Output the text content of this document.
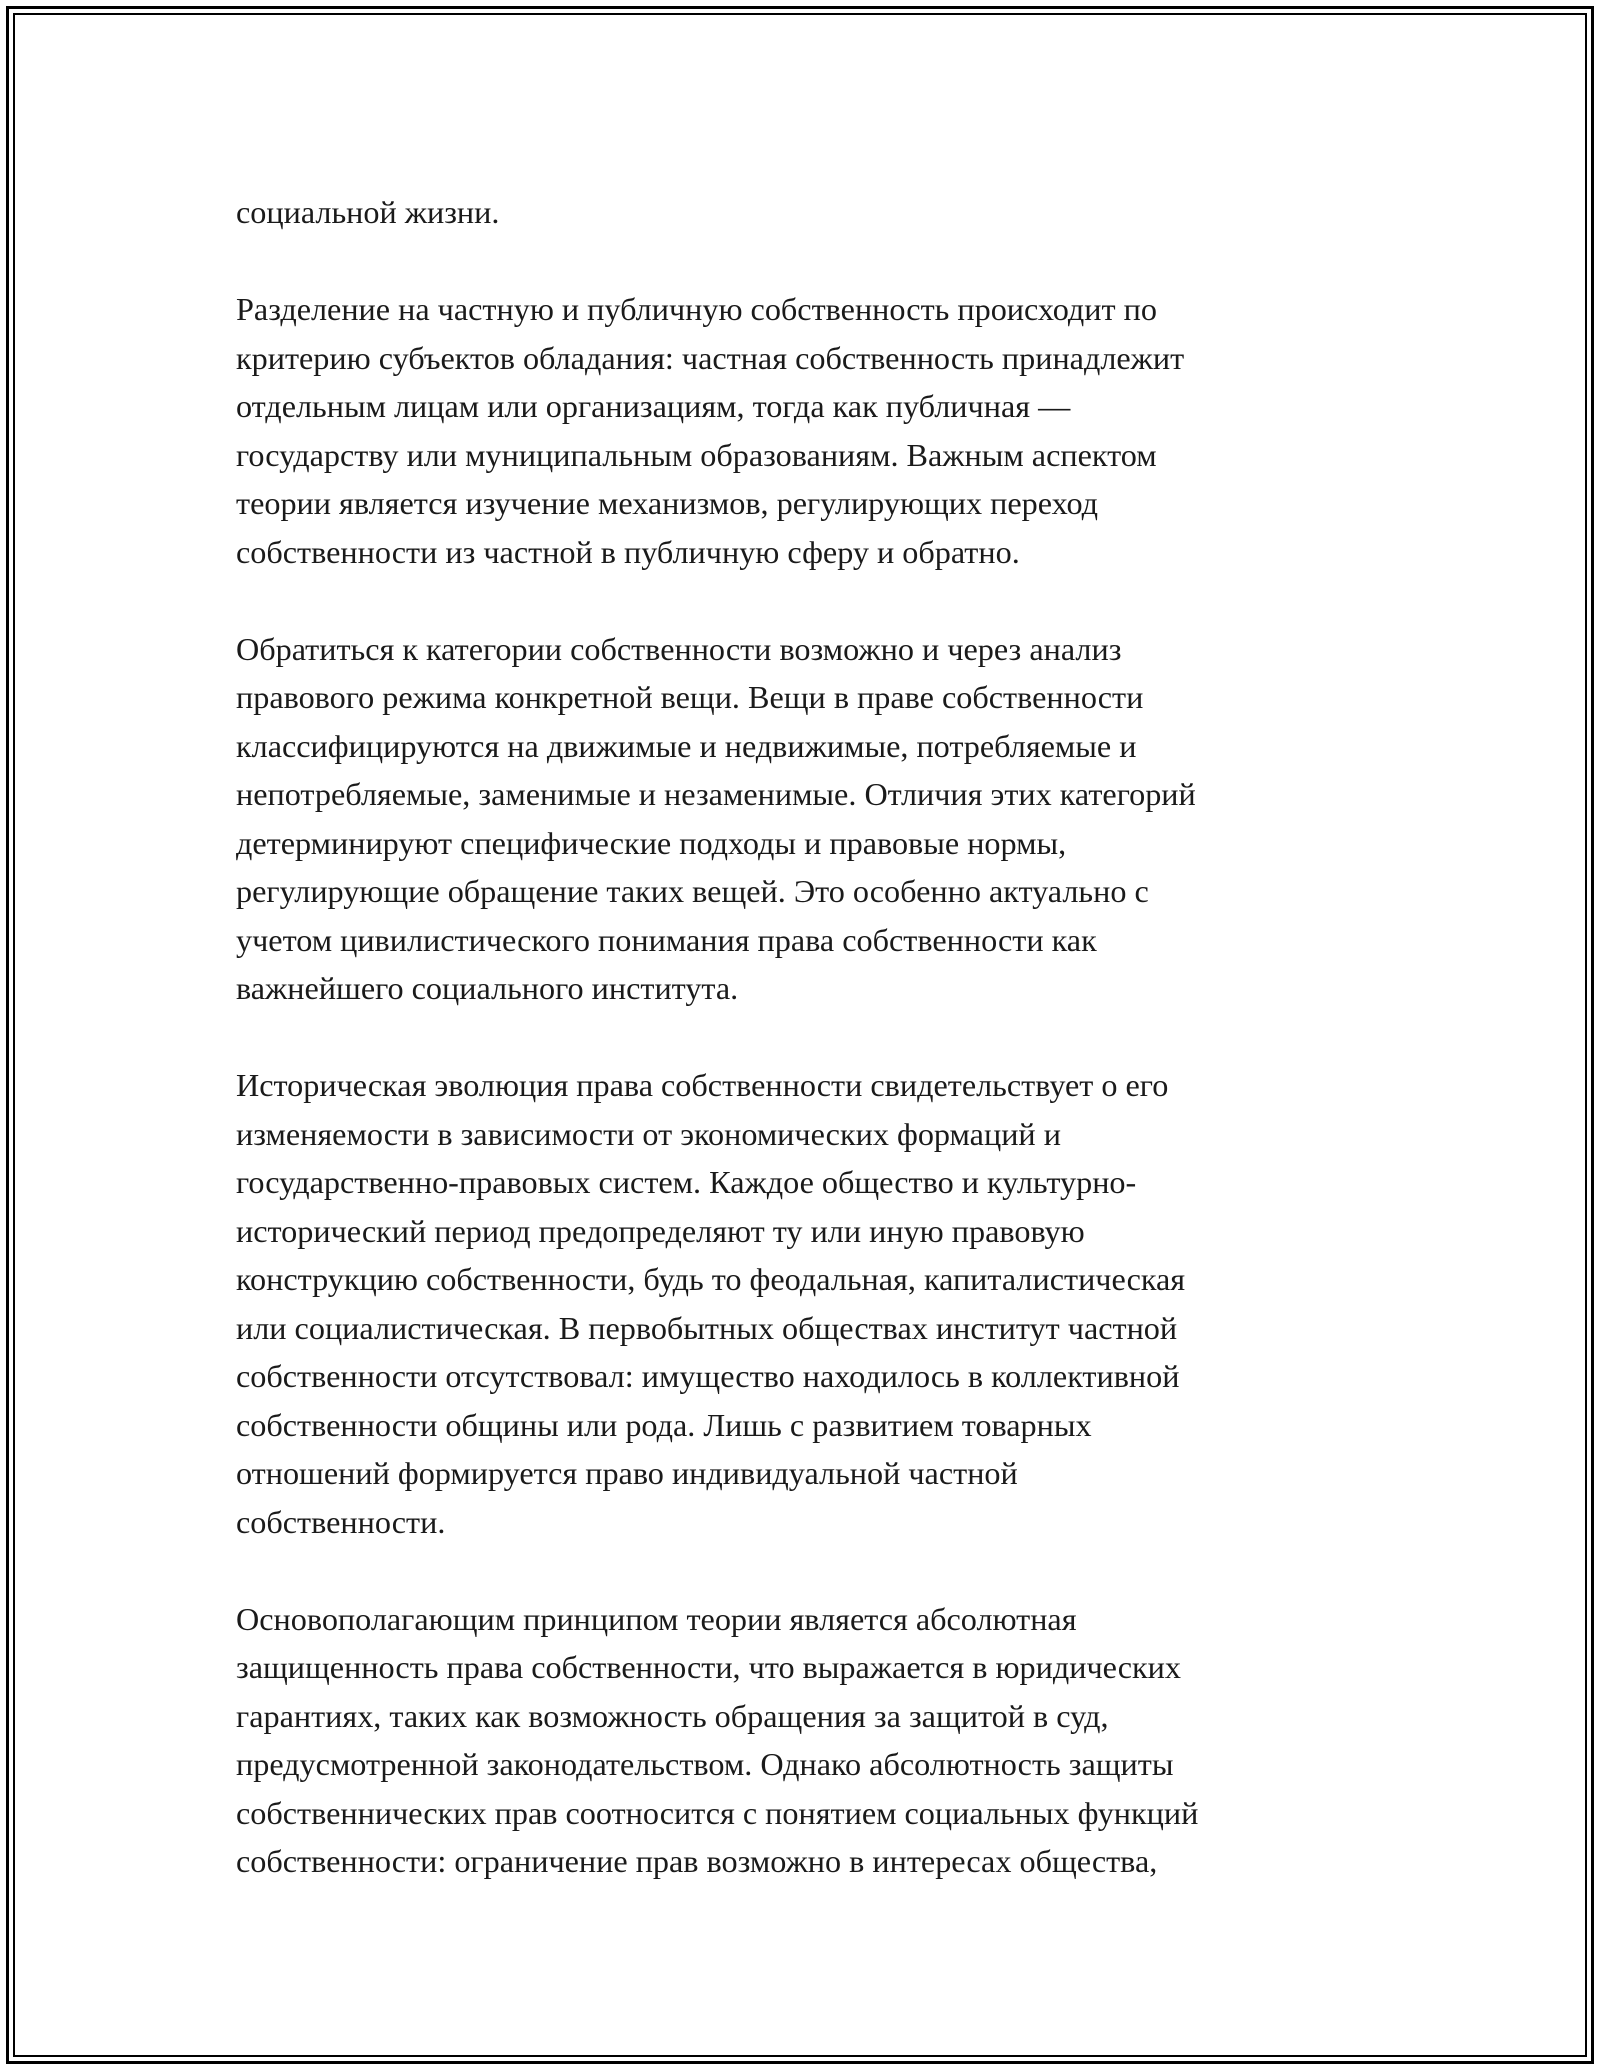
социальной жизни.
Разделение на частную и публичную собственность происходит по
критерию субъектов обладания: частная собственность принадлежит
отдельным лицам или организациям, тогда как публичная —
государству или муниципальным образованиям. Важным аспектом
теории является изучение механизмов, регулирующих переход
собственности из частной в публичную сферу и обратно.
Обратиться к категории собственности возможно и через анализ
правового режима конкретной вещи. Вещи в праве собственности
классифицируются на движимые и недвижимые, потребляемые и
непотребляемые, заменимые и незаменимые. Отличия этих категорий
детерминируют специфические подходы и правовые нормы,
регулирующие обращение таких вещей. Это особенно актуально с
учетом цивилистического понимания права собственности как
важнейшего социального института.
Историческая эволюция права собственности свидетельствует о его
изменяемости в зависимости от экономических формаций и
государственно-правовых систем. Каждое общество и культурно-
исторический период предопределяют ту или иную правовую
конструкцию собственности, будь то феодальная, капиталистическая
или социалистическая. В первобытных обществах институт частной
собственности отсутствовал: имущество находилось в коллективной
собственности общины или рода. Лишь с развитием товарных
отношений формируется право индивидуальной частной
собственности.
Основополагающим принципом теории является абсолютная
защищенность права собственности, что выражается в юридических
гарантиях, таких как возможность обращения за защитой в суд,
предусмотренной законодательством. Однако абсолютность защиты
собственнических прав соотносится с понятием социальных функций
собственности: ограничение прав возможно в интересах общества,
